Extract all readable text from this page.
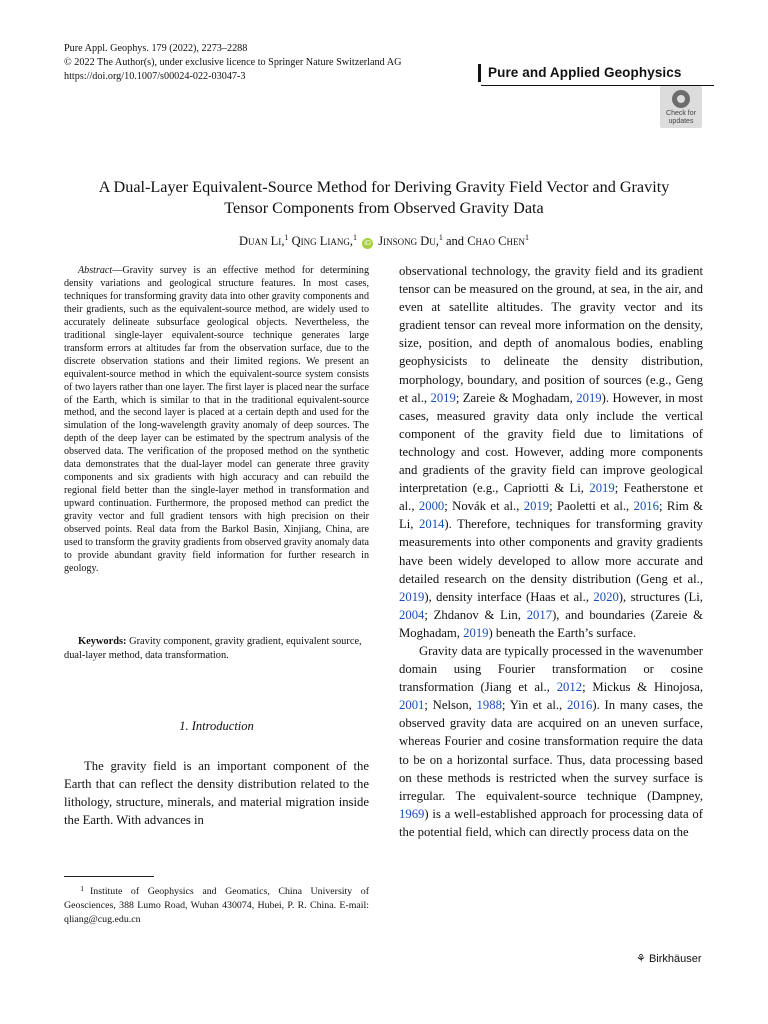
Pure Appl. Geophys. 179 (2022), 2273–2288
© 2022 The Author(s), under exclusive licence to Springer Nature Switzerland AG
https://doi.org/10.1007/s00024-022-03047-3	Pure and Applied Geophysics
Check for
updates
A Dual-Layer Equivalent-Source Method for Deriving Gravity Field Vector and Gravity
Tensor Components from Observed Gravity Data
Duan Li,$^1$ Qing Liang,$^1$ iD Jinsong Du,$^1$ and Chao Chen$^1$
Abstract—Gravity survey is an effective method for determining density variations and geological structure features. In most cases, techniques for transforming gravity data into other gravity components and their gradients, such as the equivalent-source method, are widely used to accurately delineate subsurface geological objects. Nevertheless, the traditional single-layer equivalent-source technique generates large transform errors at altitudes far from the observation surface, due to the discrete observation stations and their limited regions. We present an equivalent-source method in which the equivalent-source system consists of two layers rather than one layer. The first layer is placed near the surface of the Earth, which is similar to that in the traditional equivalent-source method, and the second layer is placed at a certain depth and used for the simulation of the long-wavelength gravity anomaly of deep sources. The depth of the deep layer can be estimated by the spectrum analysis of the observed data. The verification of the proposed method on the synthetic data demonstrates that the dual-layer model can generate three gravity components and six gradients with high accuracy and can rebuild the regional field better than the single-layer method in transformation and upward continuation. Furthermore, the proposed method can predict the gravity vector and full gradient tensors with high precision on their observed points. Real data from the Barkol Basin, Xinjiang, China, are used to transform the gravity gradients from observed gravity anomaly data to provide abundant gravity field information for further research in geology.
Keywords: Gravity component, gravity gradient, equivalent source, dual-layer method, data transformation.
1. Introduction
The gravity field is an important component of the Earth that can reflect the density distribution related to the lithology, structure, minerals, and material migration inside the Earth. With advances in
1 Institute of Geophysics and Geomatics, China University of Geosciences, 388 Lumo Road, Wuhan 430074, Hubei, P. R. China. E-mail: qliang@cug.edu.cn

observational technology, the gravity field and its gradient tensor can be measured on the ground, at sea, in the air, and even at satellite altitudes. The gravity vector and its gradient tensor can reveal more information on the density, size, position, and depth of anomalous bodies, enabling geophysicists to delineate the density distribution, morphology, boundary, and position of sources (e.g., Geng et al., 2019; Zareie & Moghadam, 2019). However, in most cases, measured gravity data only include the vertical component of the gravity field due to limitations of technology and cost. However, adding more components and gradients of the gravity field can improve geological interpretation (e.g., Capriotti & Li, 2019; Featherstone et al., 2000; Novák et al., 2019; Paoletti et al., 2016; Rim & Li, 2014). Therefore, techniques for transforming gravity measurements into other components and gravity gradients have been widely developed to allow more accurate and detailed research on the density distribution (Geng et al., 2019), density interface (Haas et al., 2020), structures (Li, 2004; Zhdanov & Lin, 2017), and boundaries (Zareie & Moghadam, 2019) beneath the Earth’s surface.

Gravity data are typically processed in the wavenumber domain using Fourier transformation or cosine transformation (Jiang et al., 2012; Mickus & Hinojosa, 2001; Nelson, 1988; Yin et al., 2016). In many cases, the observed gravity data are acquired on an uneven surface, whereas Fourier and cosine transformation require the data to be on a horizontal surface. Thus, data processing based on these methods is restricted when the survey surface is irregular. The equivalent-source technique (Dampney, 1969) is a well-established approach for processing data of the potential field, which can directly process data on the

⚘ Birkhäuser
